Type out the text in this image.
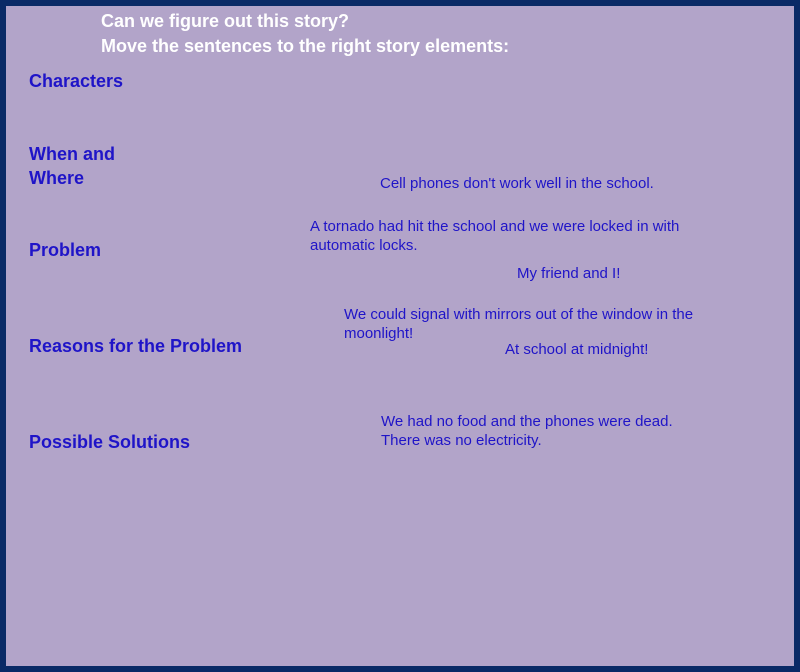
Can we figure out this story?
Move the sentences to the right story elements:
Characters
When and
Where
Problem
Reasons for the Problem
Possible Solutions
Cell phones don't work well in the school.
A tornado had hit the school and we were locked in with
automatic locks.
My friend and I!
We could signal with mirrors out of the window in the
moonlight!
At school at midnight!
We had no food and the phones were dead.
There was no electricity.
